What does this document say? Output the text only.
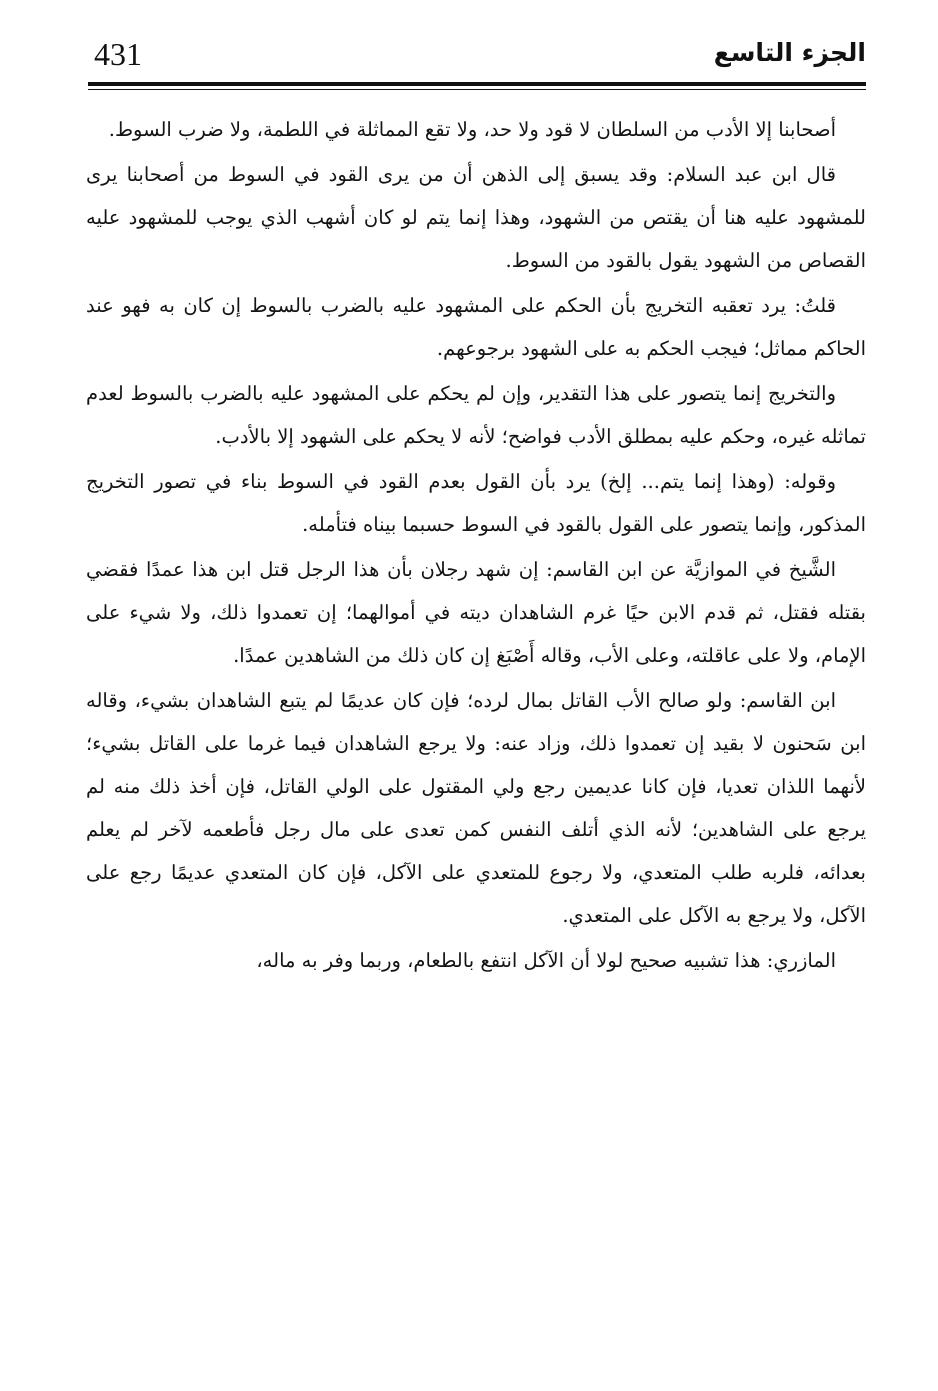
431	الجزء التاسع

أصحابنا إلا الأدب من السلطان لا قود ولا حد، ولا تقع المماثلة في اللطمة، ولا ضرب السوط.

قال ابن عبد السلام: وقد يسبق إلى الذهن أن من يرى القود في السوط من أصحابنا يرى للمشهود عليه هنا أن يقتص من الشهود، وهذا إنما يتم لو كان أشهب الذي يوجب للمشهود عليه القصاص من الشهود يقول بالقود من السوط.

قلتُ: يرد تعقبه التخريج بأن الحكم على المشهود عليه بالضرب بالسوط إن كان به فهو عند الحاكم مماثل؛ فيجب الحكم به على الشهود برجوعهم.

والتخريج إنما يتصور على هذا التقدير، وإن لم يحكم على المشهود عليه بالضرب بالسوط لعدم تماثله غيره، وحكم عليه بمطلق الأدب فواضح؛ لأنه لا يحكم على الشهود إلا بالأدب.

وقوله: (وهذا إنما يتم... إلخ) يرد بأن القول بعدم القود في السوط بناء في تصور التخريج المذكور، وإنما يتصور على القول بالقود في السوط حسبما بيناه فتأمله.

الشَّيخ في الموازيَّة عن ابن القاسم: إن شهد رجلان بأن هذا الرجل قتل ابن هذا عمدًا فقضي بقتله فقتل، ثم قدم الابن حيًا غرم الشاهدان ديته في أموالهما؛ إن تعمدوا ذلك، ولا شيء على الإمام، ولا على عاقلته، وعلى الأب، وقاله أَصْبَغ إن كان ذلك من الشاهدين عمدًا.

ابن القاسم: ولو صالح الأب القاتل بمال لرده؛ فإن كان عديمًا لم يتبع الشاهدان بشيء، وقاله ابن سَحنون لا بقيد إن تعمدوا ذلك، وزاد عنه: ولا يرجع الشاهدان فيما غرما على القاتل بشيء؛ لأنهما اللذان تعديا، فإن كانا عديمين رجع ولي المقتول على الولي القاتل، فإن أخذ ذلك منه لم يرجع على الشاهدين؛ لأنه الذي أتلف النفس كمن تعدى على مال رجل فأطعمه لآخر لم يعلم بعدائه، فلربه طلب المتعدي، ولا رجوع للمتعدي على الآكل، فإن كان المتعدي عديمًا رجع على الآكل، ولا يرجع به الآكل على المتعدي.

المازري: هذا تشبيه صحيح لولا أن الآكل انتفع بالطعام، وربما وفر به ماله،
